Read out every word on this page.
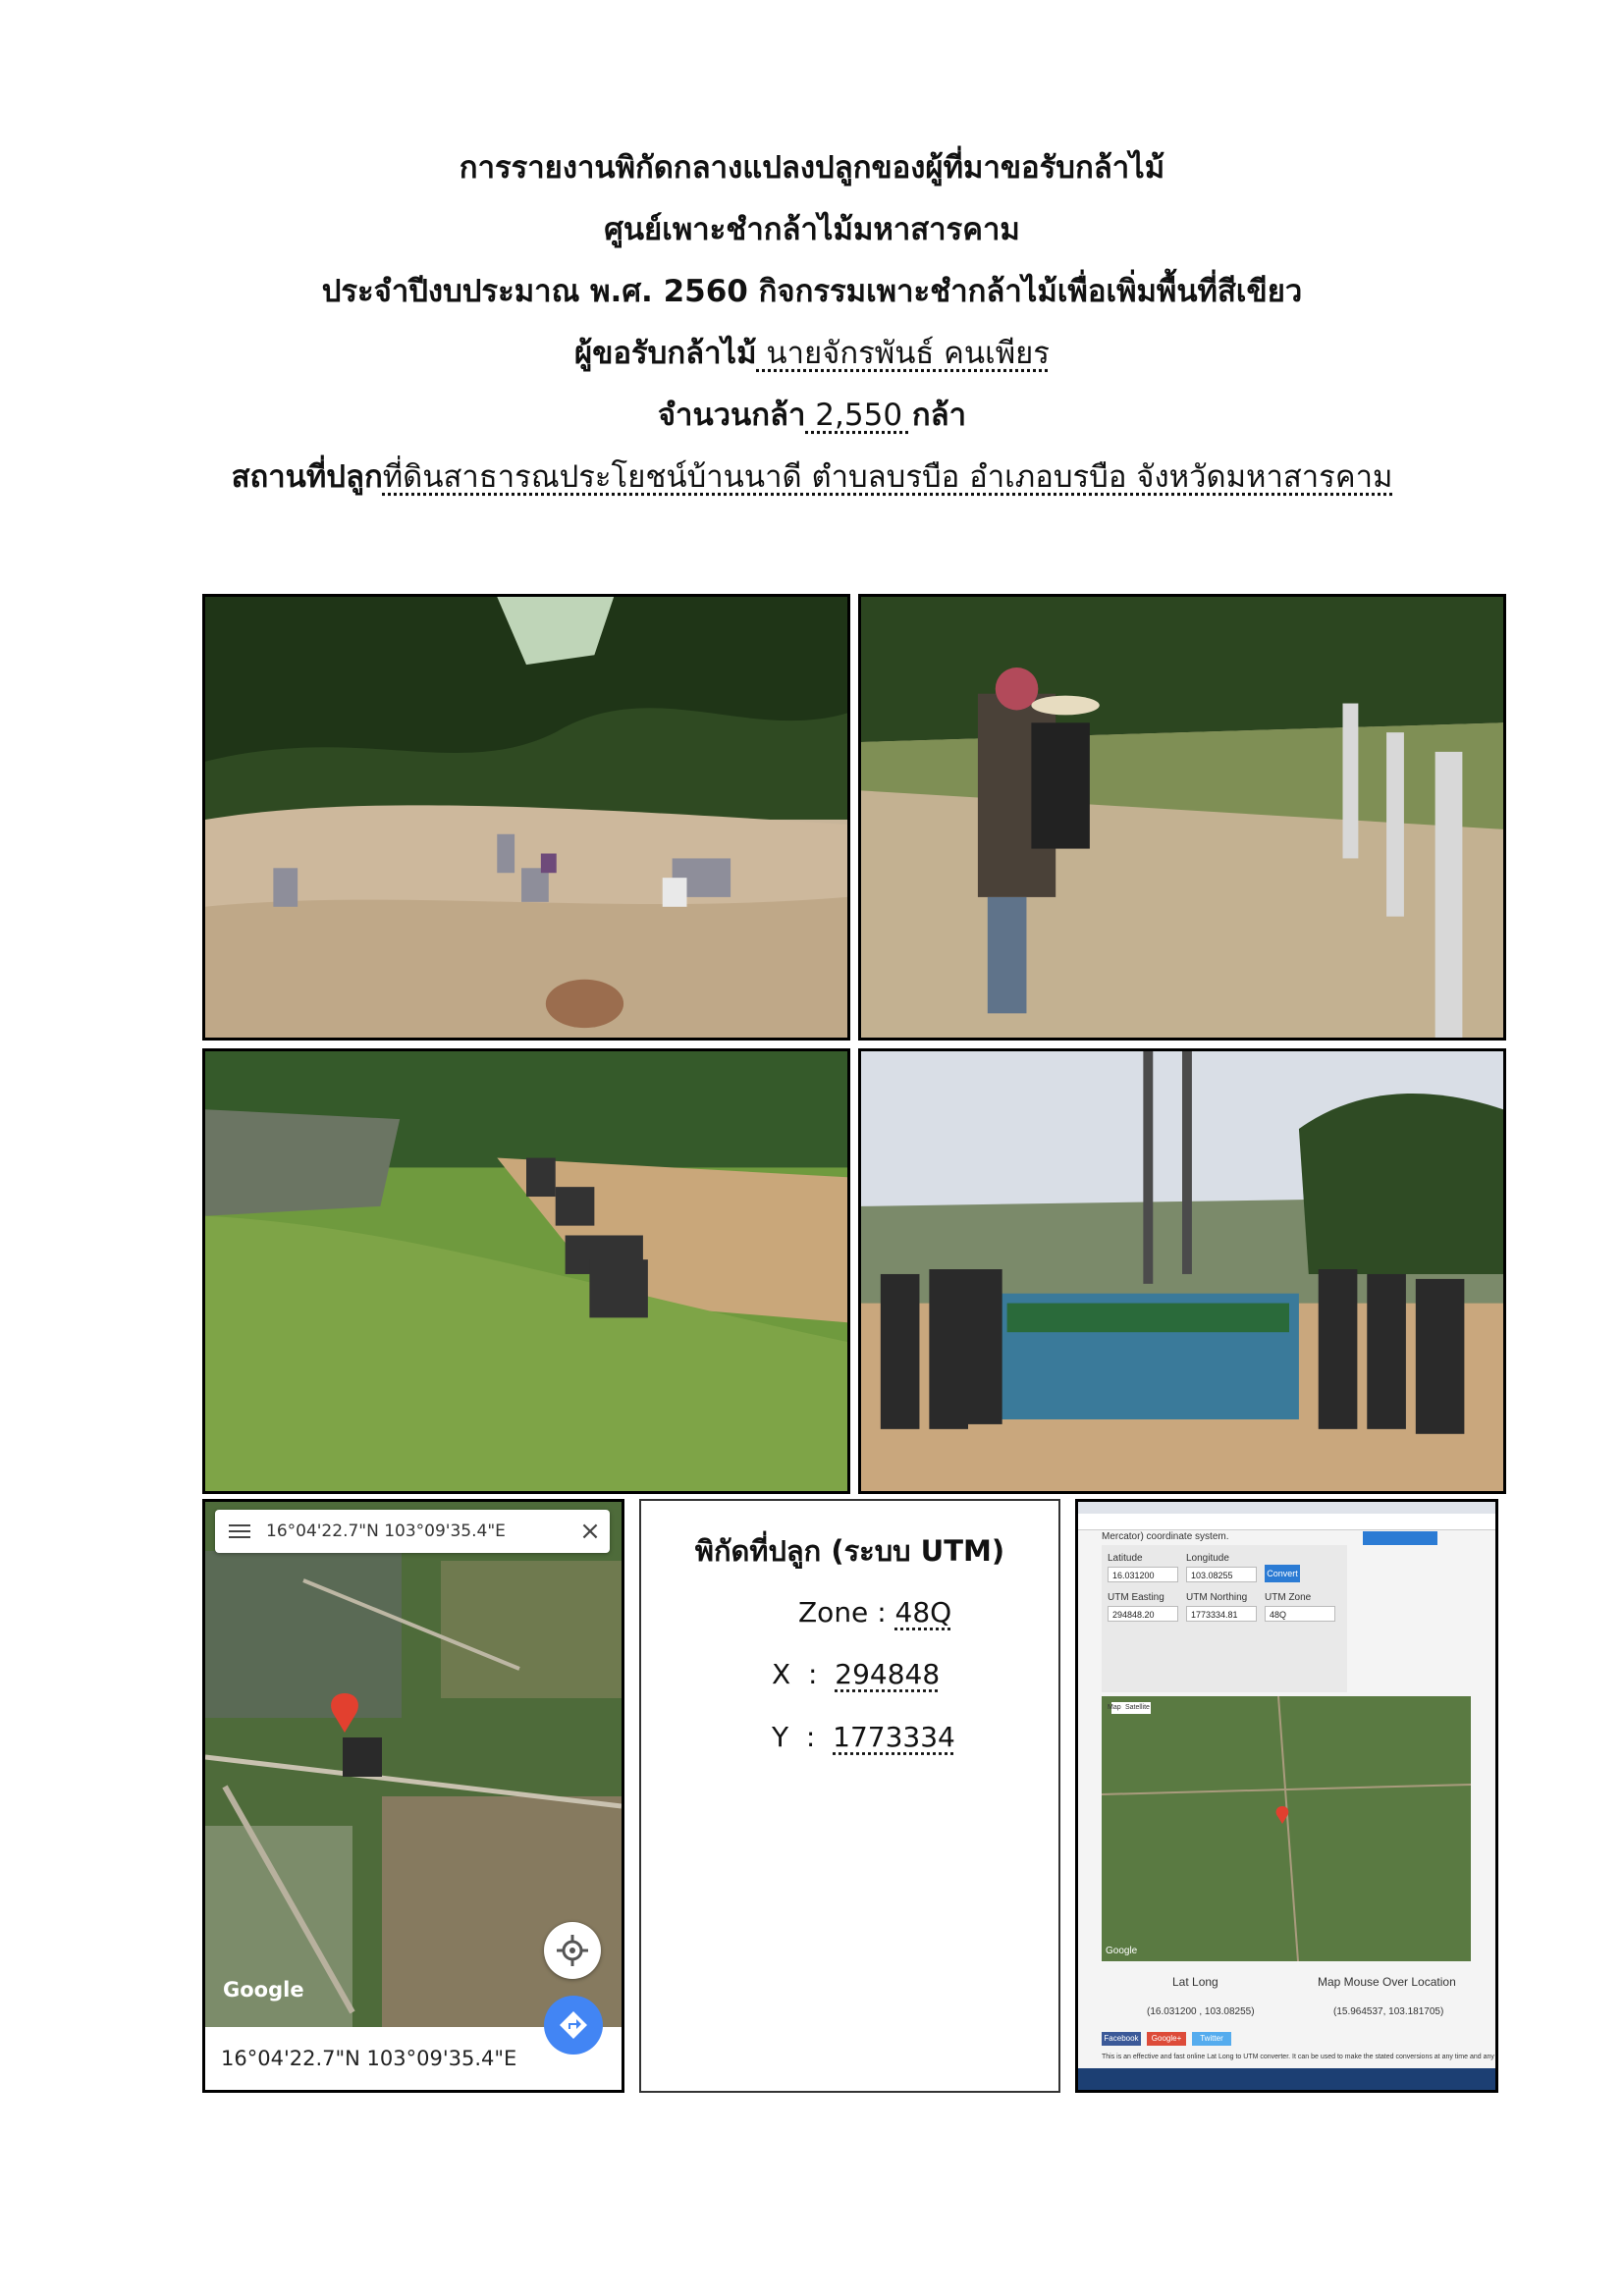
การรายงานพิกัดกลางแปลงปลูกของผู้ที่มาขอรับกล้าไม้
ศูนย์เพาะชำกล้าไม้มหาสารคาม
ประจำปีงบประมาณ พ.ศ. 2560 กิจกรรมเพาะชำกล้าไม้เพื่อเพิ่มพื้นที่สีเขียว
ผู้ขอรับกล้าไม้ นายจักรพันธ์ คนเพียร
จำนวนกล้า 2,550 กล้า
สถานที่ปลูกที่ดินสาธารณประโยชน์บ้านนาดี ตำบลบรบือ อำเภอบรบือ จังหวัดมหาสารคาม
16°04'22.7"N 103°09'35.4"E	×
Google
16°04'22.7"N 103°09'35.4"E
พิกัดที่ปลูก (ระบบ UTM)
Zone : 48Q
X : 294848
Y : 1773334
Mercator) coordinate system.
Latitude	Longitude
16.031200	103.08255	Convert
UTM Easting UTM Northing UTM Zone
294848.20	1773334.81	48Q
Google
Map Satellite
Lat Long	Map Mouse Over Location
(16.031200 , 103.08255)	(15.964537, 103.181705)
Facebook	Google+	Twitter
This is an effective and fast online Lat Long to UTM converter. It can be used to make the stated conversions at any time and any
